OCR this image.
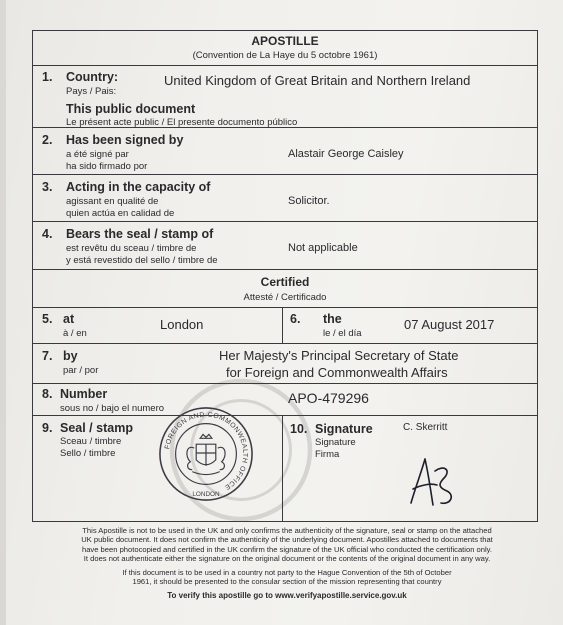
APOSTILLE
(Convention de La Haye du 5 octobre 1961)
1. Country:
Pays / Pais:
United Kingdom of Great Britain and Northern Ireland
This public document
Le présent acte public / El presente documento público
2. Has been signed by
a été signé par
ha sido firmado por
Alastair George Caisley
3. Acting in the capacity of
agissant en qualité de
quien actúa en calidad de
Solicitor.
4. Bears the seal / stamp of
est revêtu du sceau / timbre de
y está revestido del sello / timbre de
Not applicable
Certified
Attesté / Certificado
5. at
à / en
London	6. the
le / el día
07 August 2017
7. by
par / por
Her Majesty's Principal Secretary of State
for Foreign and Commonwealth Affairs
8. Number
sous no / bajo el numero
APO-479296
9. Seal / stamp
Sceau / timbre
Sello / timbre
10. Signature
Signature
Firma
C. Skerritt
FOREIGN AND COMMONWEALTH OFFICE
LONDON
This Apostille is not to be used in the UK and only confirms the authenticity of the signature, seal or stamp on the attached
UK public document. It does not confirm the authenticity of the underlying document. Apostilles attached to documents that
have been photocopied and certified in the UK confirm the signature of the UK official who conducted the certification only.
It does not authenticate either the signature on the original document or the contents of the original document in any way.
If this document is to be used in a country not party to the Hague Convention of the 5th of October
1961, it should be presented to the consular section of the mission representing that country
To verify this apostille go to www.verifyapostille.service.gov.uk
